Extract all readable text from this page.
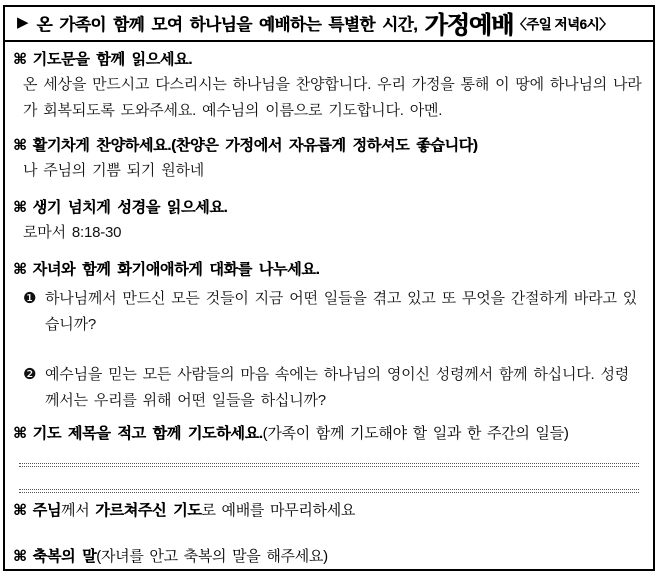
▶ 온 가족이 함께 모여 하나님을 예배하는 특별한 시간, 가정예배 〈주일 저녁6시〉
⌘ 기도문을 함께 읽으세요.
온 세상을 만드시고 다스리시는 하나님을 찬양합니다. 우리 가정을 통해 이 땅에 하나님의 나라가 회복되도록 도와주세요. 예수님의 이름으로 기도합니다. 아멘.
⌘ 활기차게 찬양하세요.(찬양은 가정에서 자유롭게 정하셔도 좋습니다)
나 주님의 기쁨 되기 원하네
⌘ 생기 넘치게 성경을 읽으세요.
로마서 8:18-30
⌘ 자녀와 함께 화기애애하게 대화를 나누세요.
❶ 하나님께서 만드신 모든 것들이 지금 어떤 일들을 겪고 있고 또 무엇을 간절하게 바라고 있습니까?
❷ 예수님을 믿는 모든 사람들의 마음 속에는 하나님의 영이신 성령께서 함께 하십니다. 성령께서는 우리를 위해 어떤 일들을 하십니까?
⌘ 기도 제목을 적고 함께 기도하세요.(가족이 함께 기도해야 할 일과 한 주간의 일들)
⌘ 주님께서 가르쳐주신 기도로 예배를 마무리하세요
⌘ 축복의 말(자녀를 안고 축복의 말을 해주세요)
